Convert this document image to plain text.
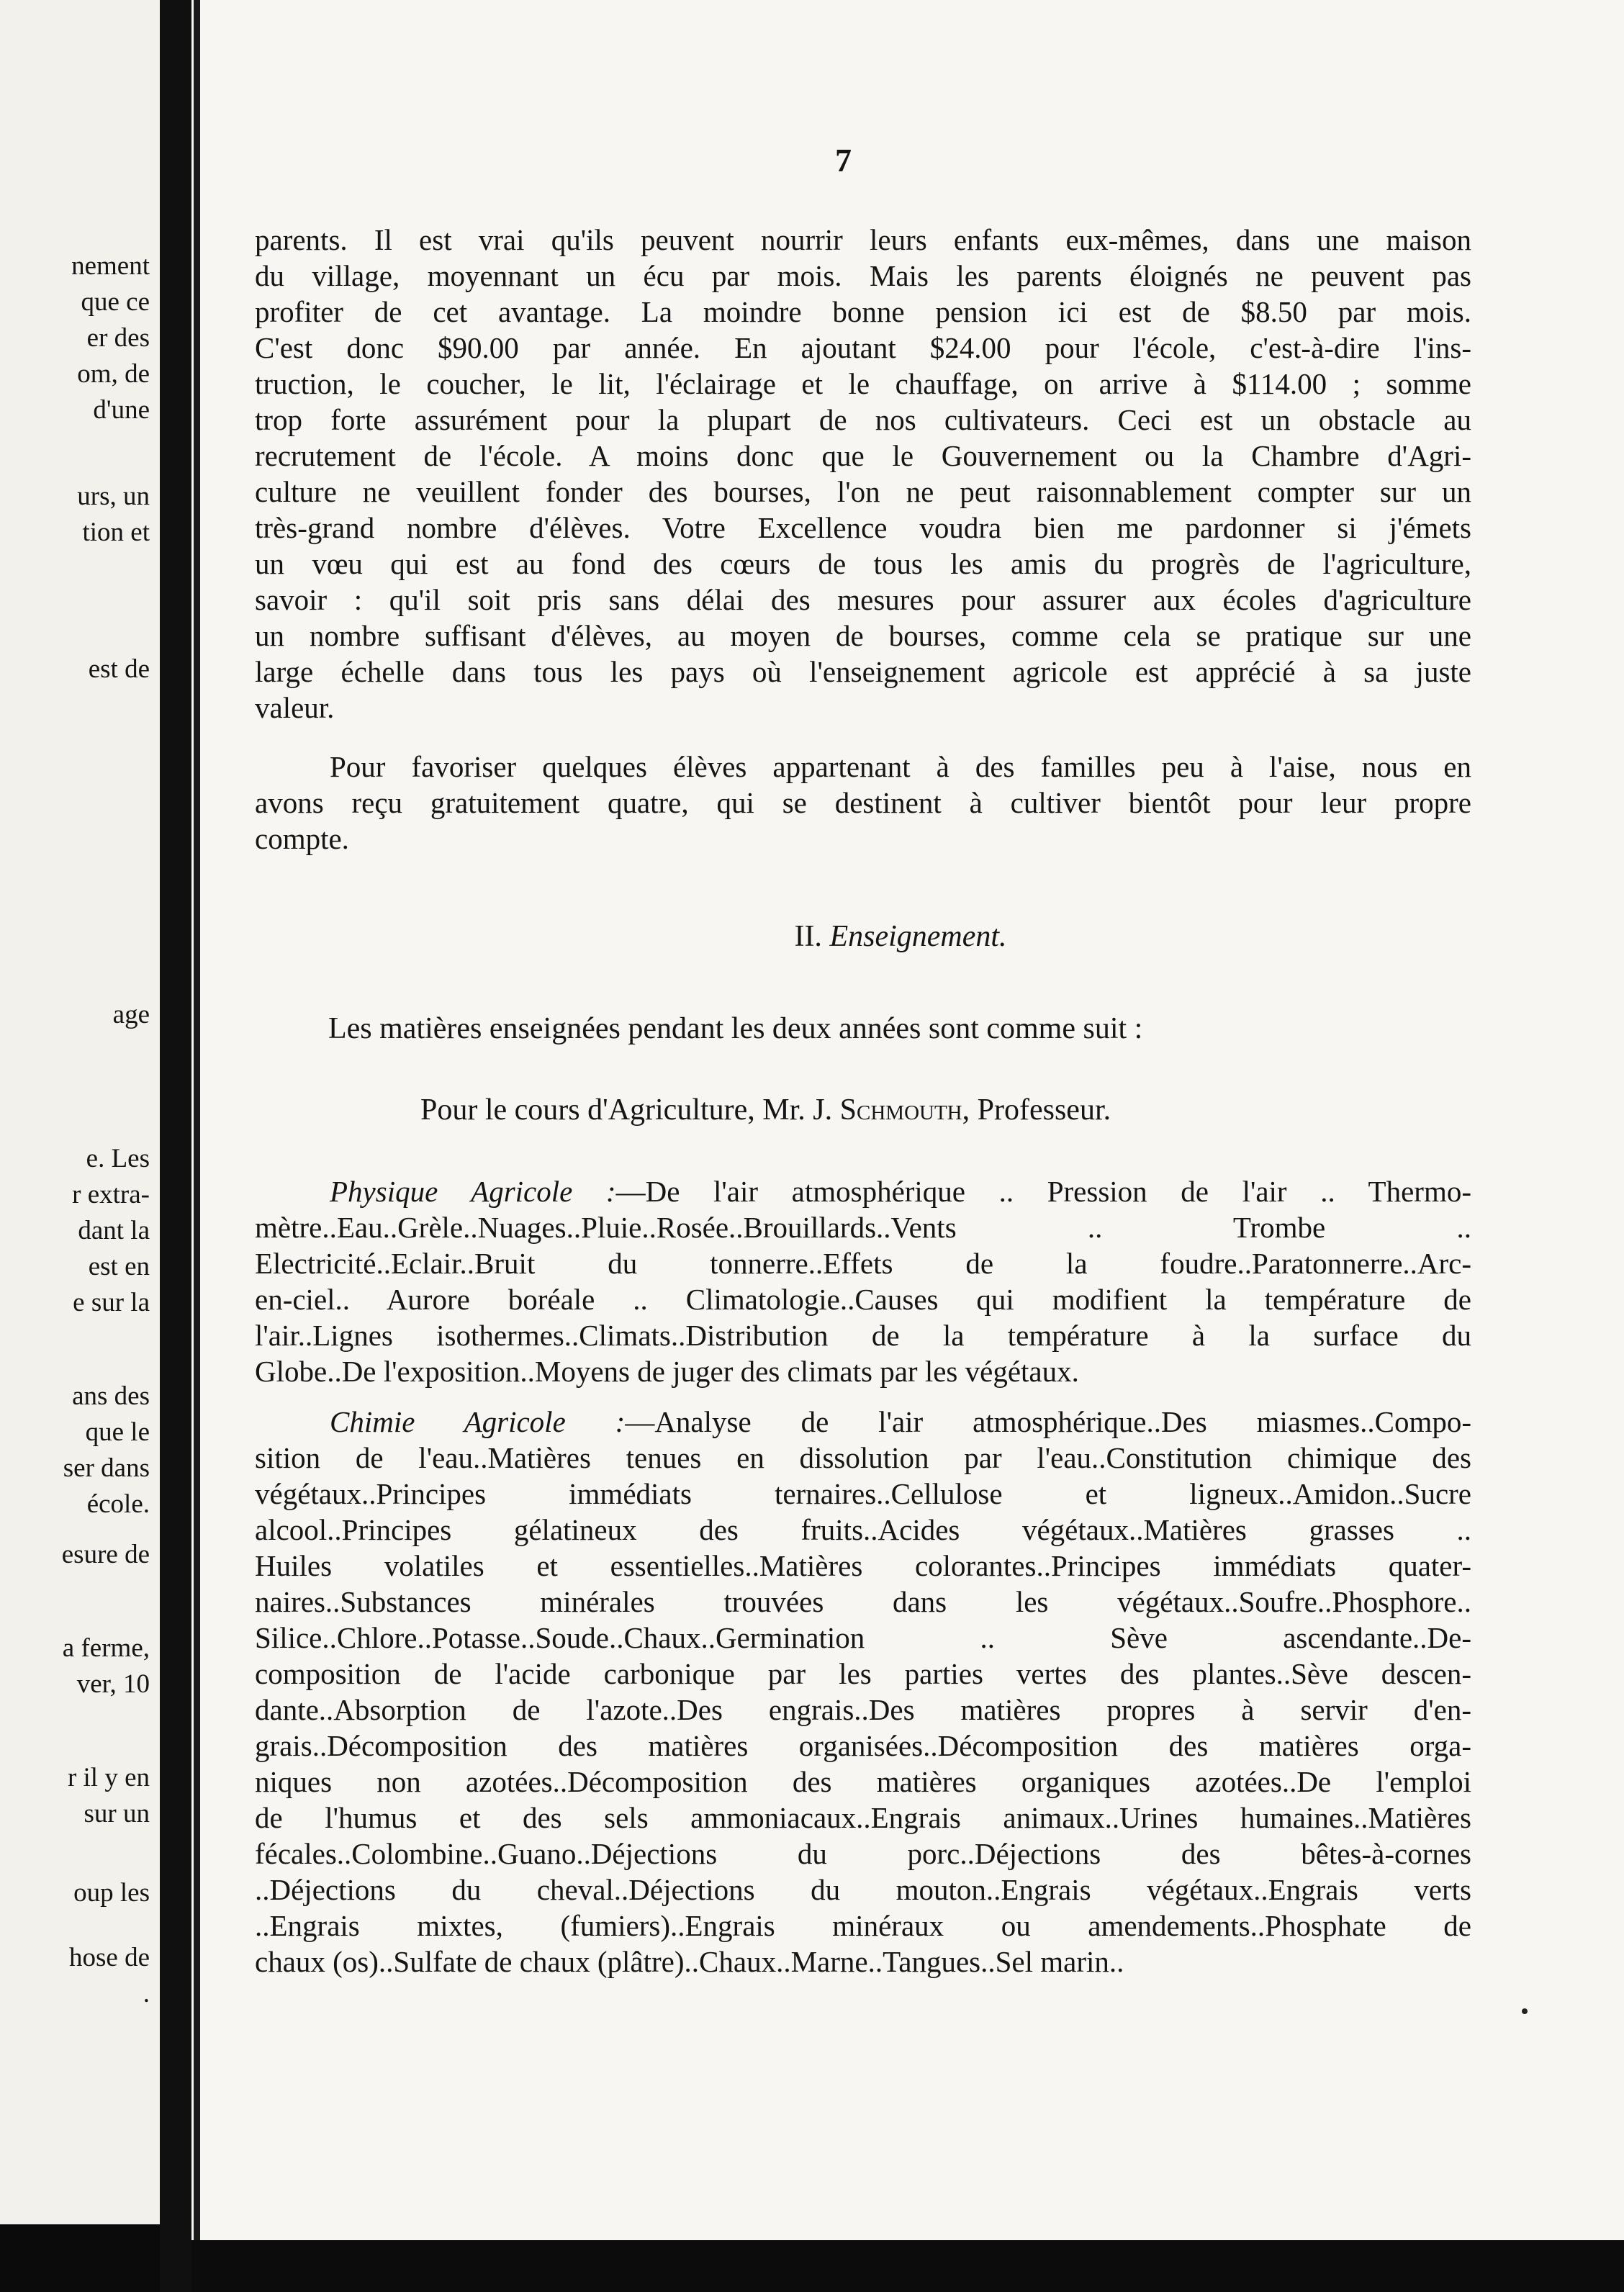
nement
que ce
er des
om, de
d'une
urs, un
tion et
est de
age
e. Les
r extra-
dant la
est en
e sur la
ans des
que le
ser dans
école.
esure de
a ferme,
ver, 10
r il y en
sur un
oup les
hose de
.
7
parents. Il est vrai qu'ils peuvent nourrir leurs enfants eux-mêmes, dans une maison
du village, moyennant un écu par mois. Mais les parents éloignés ne peuvent pas
profiter de cet avantage. La moindre bonne pension ici est de $8.50 par mois.
C'est donc $90.00 par année. En ajoutant $24.00 pour l'école, c'est-à-dire l'ins-
truction, le coucher, le lit, l'éclairage et le chauffage, on arrive à $114.00 ; somme
trop forte assurément pour la plupart de nos cultivateurs. Ceci est un obstacle au
recrutement de l'école. A moins donc que le Gouvernement ou la Chambre d'Agri-
culture ne veuillent fonder des bourses, l'on ne peut raisonnablement compter sur un
très-grand nombre d'élèves. Votre Excellence voudra bien me pardonner si j'émets
un vœu qui est au fond des cœurs de tous les amis du progrès de l'agriculture,
savoir : qu'il soit pris sans délai des mesures pour assurer aux écoles d'agriculture
un nombre suffisant d'élèves, au moyen de bourses, comme cela se pratique sur une
large échelle dans tous les pays où l'enseignement agricole est apprécié à sa juste
valeur.
Pour favoriser quelques élèves appartenant à des familles peu à l'aise, nous en
avons reçu gratuitement quatre, qui se destinent à cultiver bientôt pour leur propre
compte.
II. Enseignement.
Les matières enseignées pendant les deux années sont comme suit :
Pour le cours d'Agriculture, Mr. J. Schmouth, Professeur.
Physique Agricole :—De l'air atmosphérique .. Pression de l'air .. Thermo-
mètre..Eau..Grèle..Nuages..Pluie..Rosée..Brouillards..Vents .. Trombe ..
Electricité..Eclair..Bruit du tonnerre..Effets de la foudre..Paratonnerre..Arc-
en-ciel.. Aurore boréale .. Climatologie..Causes qui modifient la température de
l'air..Lignes isothermes..Climats..Distribution de la température à la surface du
Globe..De l'exposition..Moyens de juger des climats par les végétaux.
Chimie Agricole :—Analyse de l'air atmosphérique..Des miasmes..Compo-
sition de l'eau..Matières tenues en dissolution par l'eau..Constitution chimique des
végétaux..Principes immédiats ternaires..Cellulose et ligneux..Amidon..Sucre
alcool..Principes gélatineux des fruits..Acides végétaux..Matières grasses ..
Huiles volatiles et essentielles..Matières colorantes..Principes immédiats quater-
naires..Substances minérales trouvées dans les végétaux..Soufre..Phosphore..
Silice..Chlore..Potasse..Soude..Chaux..Germination .. Sève ascendante..De-
composition de l'acide carbonique par les parties vertes des plantes..Sève descen-
dante..Absorption de l'azote..Des engrais..Des matières propres à servir d'en-
grais..Décomposition des matières organisées..Décomposition des matières orga-
niques non azotées..Décomposition des matières organiques azotées..De l'emploi
de l'humus et des sels ammoniacaux..Engrais animaux..Urines humaines..Matières
fécales..Colombine..Guano..Déjections du porc..Déjections des bêtes-à-cornes
..Déjections du cheval..Déjections du mouton..Engrais végétaux..Engrais verts
..Engrais mixtes, (fumiers)..Engrais minéraux ou amendements..Phosphate de
chaux (os)..Sulfate de chaux (plâtre)..Chaux..Marne..Tangues..Sel marin..
